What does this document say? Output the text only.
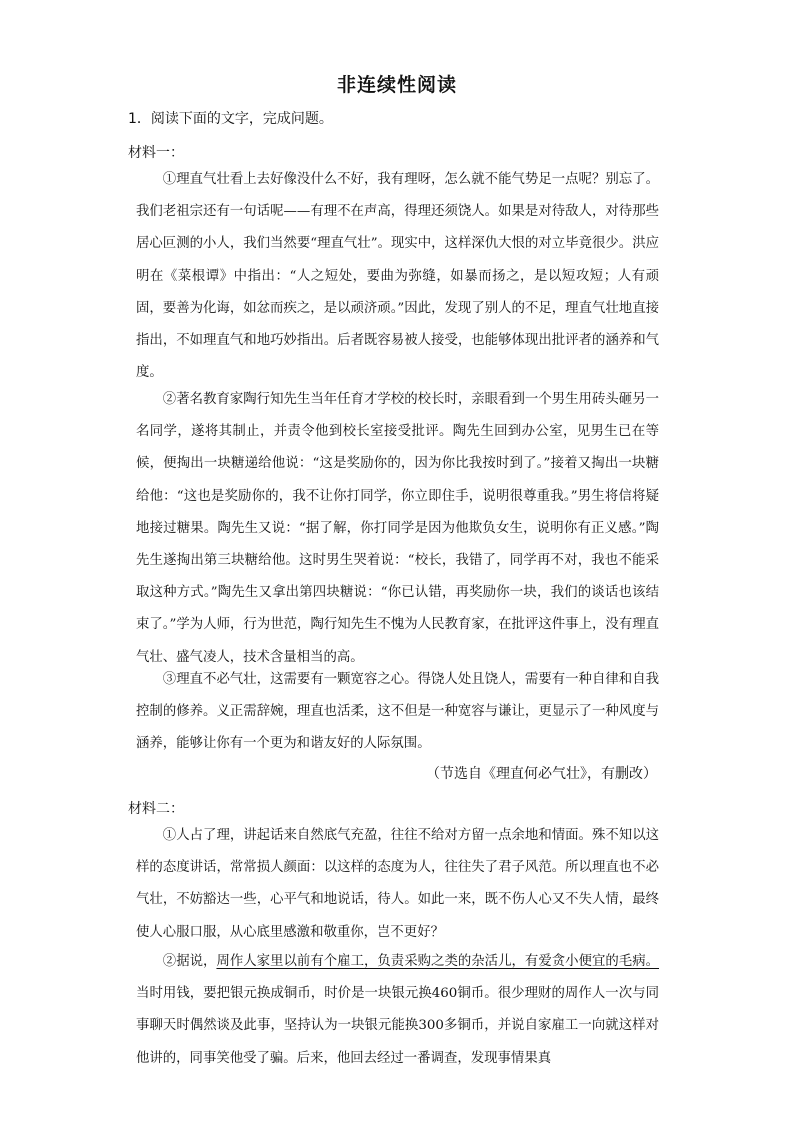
非连续性阅读
1．阅读下面的文字，完成问题。
材料一：
①理直气壮看上去好像没什么不好，我有理呀，怎么就不能气势足一点呢？别忘了。我们老祖宗还有一句话呢——有理不在声高，得理还须饶人。如果是对待敌人，对待那些居心叵测的小人，我们当然要“理直气壮”。现实中，这样深仇大恨的对立毕竟很少。洪应明在《菜根谭》中指出：“人之短处，要曲为弥缝，如暴而扬之，是以短攻短；人有顽固，要善为化诲，如忿而疾之，是以顽济顽。”因此，发现了别人的不足，理直气壮地直接指出，不如理直气和地巧妙指出。后者既容易被人接受，也能够体现出批评者的涵养和气度。
②著名教育家陶行知先生当年任育才学校的校长时，亲眼看到一个男生用砖头砸另一名同学，遂将其制止，并责令他到校长室接受批评。陶先生回到办公室，见男生已在等候，便掏出一块糖递给他说：“这是奖励你的，因为你比我按时到了。”接着又掏出一块糖给他：“这也是奖励你的，我不让你打同学，你立即住手，说明很尊重我。”男生将信将疑地接过糖果。陶先生又说：“据了解，你打同学是因为他欺负女生，说明你有正义感。”陶先生遂掏出第三块糖给他。这时男生哭着说：“校长，我错了，同学再不对，我也不能采取这种方式。”陶先生又拿出第四块糖说：“你已认错，再奖励你一块，我们的谈话也该结束了。”学为人师，行为世范，陶行知先生不愧为人民教育家，在批评这件事上，没有理直气壮、盛气凌人，技术含量相当的高。
③理直不必气壮，这需要有一颗宽容之心。得饶人处且饶人，需要有一种自律和自我控制的修养。义正需辞婉，理直也活柔，这不但是一种宽容与谦让，更显示了一种风度与涵养，能够让你有一个更为和谐友好的人际氛围。
（节选自《理直何必气壮》，有删改）
材料二：
①人占了理，讲起话来自然底气充盈，往往不给对方留一点余地和情面。殊不知以这样的态度讲话，常常损人颜面：以这样的态度为人，往往失了君子风范。所以理直也不必气壮，不妨豁达一些，心平气和地说话，待人。如此一来，既不伤人心又不失人情，最终使人心服口服，从心底里感激和敬重你，岂不更好？
②据说，周作人家里以前有个雇工，负责采购之类的杂活儿，有爱贪小便宜的毛病。当时用钱，要把银元换成铜币，时价是一块银元换460铜币。很少理财的周作人一次与同事聊天时偶然谈及此事，坚持认为一块银元能换300多铜币，并说自家雇工一向就这样对他讲的，同事笑他受了骗。后来，他回去经过一番调查，发现事情果真
